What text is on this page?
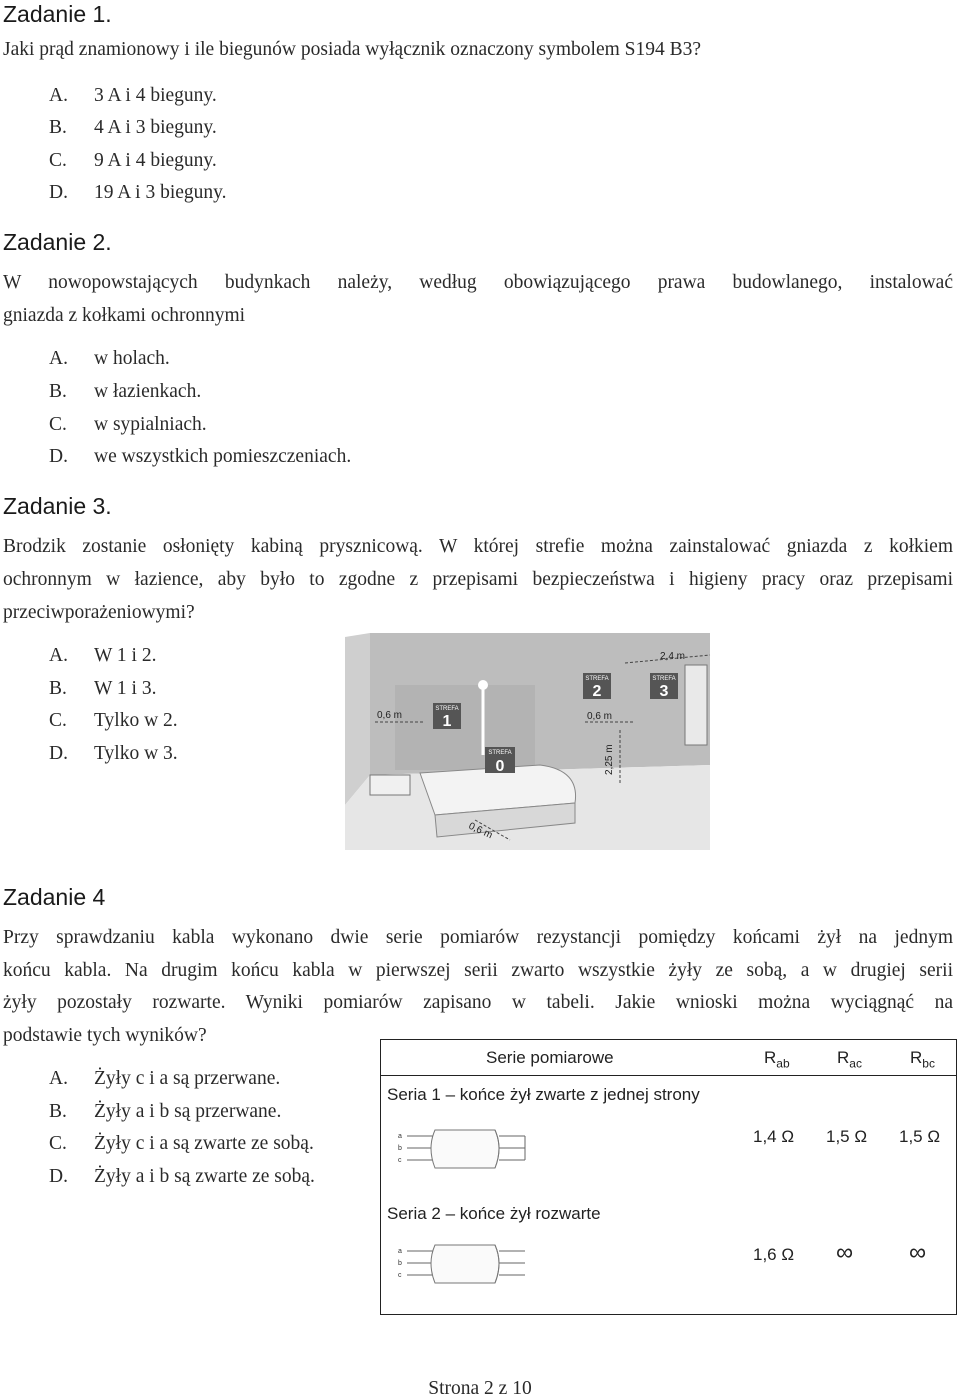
Zadanie 1.
Jaki prąd znamionowy i ile biegunów posiada wyłącznik oznaczony symbolem S194 B3?
A. 3 A i 4 bieguny.
B. 4 A i 3 bieguny.
C. 9 A i 4 bieguny.
D. 19 A i 3 bieguny.
Zadanie 2.
W nowopowstających budynkach należy, według obowiązującego prawa budowlanego, instalować
gniazda z kołkami ochronnymi
A. w holach.
B. w łazienkach.
C. w sypialniach.
D. we wszystkich pomieszczeniach.
Zadanie 3.
Brodzik zostanie osłonięty kabiną prysznicową. W której strefie można zainstalować gniazda z kołkiem
ochronnym w łazience, aby było to zgodne z przepisami bezpieczeństwa i higieny pracy oraz przepisami
przeciwporażeniowymi?
A. W 1 i 2.
B. W 1 i 3.
C. Tylko w 2.
D. Tylko w 3.
STREFA
1
STREFA
0
STREFA
2
STREFA
3
0,6 m	0,6 m
2,4 m
2,25 m
0,6 m
Zadanie 4
Przy sprawdzaniu kabla wykonano dwie serie pomiarów rezystancji pomiędzy końcami żył na jednym
końcu kabla. Na drugim końcu kabla w pierwszej serii zwarto wszystkie żyły ze sobą, a w drugiej serii
żyły pozostały rozwarte. Wyniki pomiarów zapisano w tabeli. Jakie wnioski można wyciągnąć na
podstawie tych wyników?
A. Żyły c i a są przerwane.
B. Żyły a i b są przerwane.
C. Żyły c i a są zwarte ze sobą.
D. Żyły a i b są zwarte ze sobą.
Serie pomiarowe	$R_{ab}$	$R_{ac}$	$R_{bc}$
Seria 1 – końce żył zwarte z jednej strony
a
b
c
1,4 Ω 1,5 Ω 1,5 Ω
Seria 2 – końce żył rozwarte
a
b
c
1,6 Ω ∞ ∞
Strona 2 z 10
